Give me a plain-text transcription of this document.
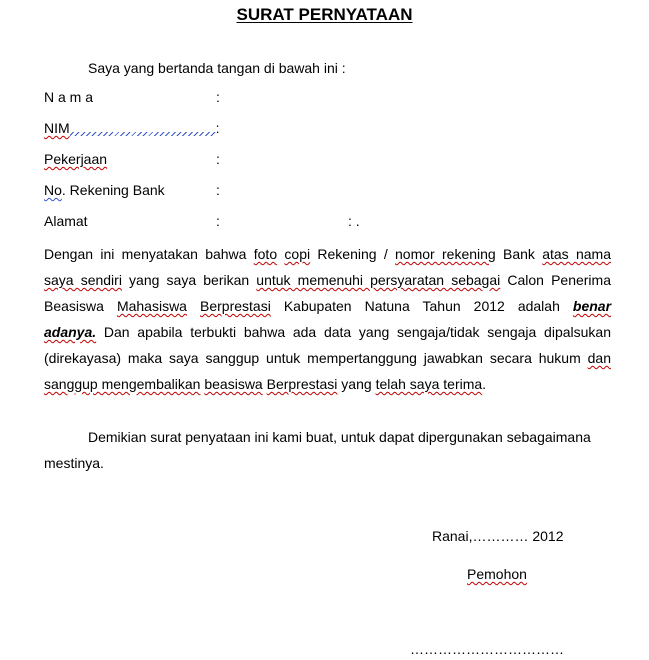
SURAT PERNYATAAN
Saya yang bertanda tangan di bawah ini :
N a m a	:
NIM	:
Pekerjaan	:
No. Rekening Bank	:
Alamat	:	: .
Dengan ini menyatakan bahwa foto copi Rekening / nomor rekening Bank atas nama
saya sendiri yang saya berikan untuk memenuhi persyaratan sebagai Calon Penerima
Beasiswa Mahasiswa Berprestasi Kabupaten Natuna Tahun 2012 adalah benar
adanya. Dan apabila terbukti bahwa ada data yang sengaja/tidak sengaja dipalsukan
(direkayasa) maka saya sanggup untuk mempertanggung jawabkan secara hukum dan
sanggup mengembalikan beasiswa Berprestasi yang telah saya terima.
Demikian surat penyataan ini kami buat, untuk dapat dipergunakan sebagaimana
mestinya.
Ranai,………… 2012
Pemohon
……………………………
